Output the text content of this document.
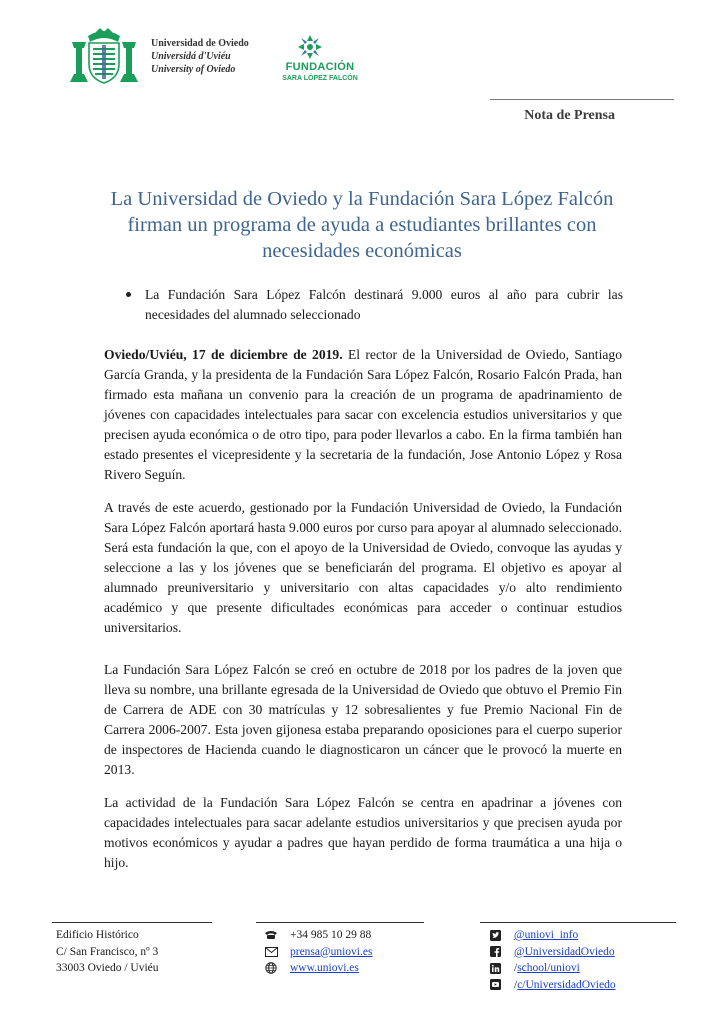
Universidad de Oviedo
Universidá d'Uviéu
University of Oviedo	FUNDACIÓN
SARA LÓPEZ FALCÓN
Nota de Prensa
La Universidad de Oviedo y la Fundación Sara López Falcón firman un programa de ayuda a estudiantes brillantes con necesidades económicas
La Fundación Sara López Falcón destinará 9.000 euros al año para cubrir las necesidades del alumnado seleccionado

Oviedo/Uviéu, 17 de diciembre de 2019. El rector de la Universidad de Oviedo, Santiago García Granda, y la presidenta de la Fundación Sara López Falcón, Rosario Falcón Prada, han firmado esta mañana un convenio para la creación de un programa de apadrinamiento de jóvenes con capacidades intelectuales para sacar con excelencia estudios universitarios y que precisen ayuda económica o de otro tipo, para poder llevarlos a cabo. En la firma también han estado presentes el vicepresidente y la secretaria de la fundación, Jose Antonio López y Rosa Rivero Seguín.

A través de este acuerdo, gestionado por la Fundación Universidad de Oviedo, la Fundación Sara López Falcón aportará hasta 9.000 euros por curso para apoyar al alumnado seleccionado. Será esta fundación la que, con el apoyo de la Universidad de Oviedo, convoque las ayudas y seleccione a las y los jóvenes que se beneficiarán del programa. El objetivo es apoyar al alumnado preuniversitario y universitario con altas capacidades y/o alto rendimiento académico y que presente dificultades económicas para acceder o continuar estudios universitarios.

La Fundación Sara López Falcón se creó en octubre de 2018 por los padres de la joven que lleva su nombre, una brillante egresada de la Universidad de Oviedo que obtuvo el Premio Fin de Carrera de ADE con 30 matrículas y 12 sobresalientes y fue Premio Nacional Fin de Carrera 2006-2007. Esta joven gijonesa estaba preparando oposiciones para el cuerpo superior de inspectores de Hacienda cuando le diagnosticaron un cáncer que le provocó la muerte en 2013.

La actividad de la Fundación Sara López Falcón se centra en apadrinar a jóvenes con capacidades intelectuales para sacar adelante estudios universitarios y que precisen ayuda por motivos económicos y ayudar a padres que hayan perdido de forma traumática a una hija o hijo.

Edificio Histórico
C/ San Francisco, nº 3
33003 Oviedo / Uviéu
+34 985 10 29 88
prensa@uniovi.es
www.uniovi.es
@uniovi_info
@UniversidadOviedo
/ school/uniovi
/ c/UniversidadOviedo
